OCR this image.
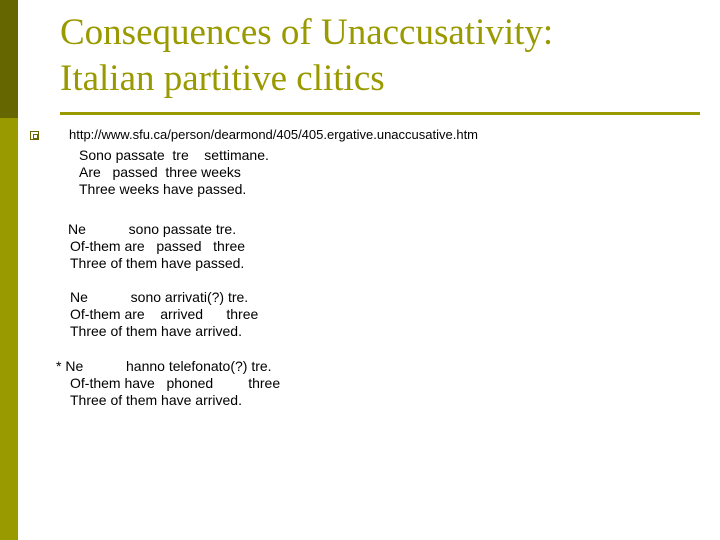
Consequences of Unaccusativity:
Italian partitive clitics
http://www.sfu.ca/person/dearmond/405/405.ergative.unaccusative.htm
Sono passate  tre    settimane.
Are   passed  three weeks
Three weeks have passed.
Ne           sono passate tre.
Of-them are   passed   three
Three of them have passed.
Ne           sono arrivati(?) tre.
Of-them are    arrived      three
Three of them have arrived.
* Ne           hanno telefonato(?) tre.
Of-them have   phoned         three
Three of them have arrived.
